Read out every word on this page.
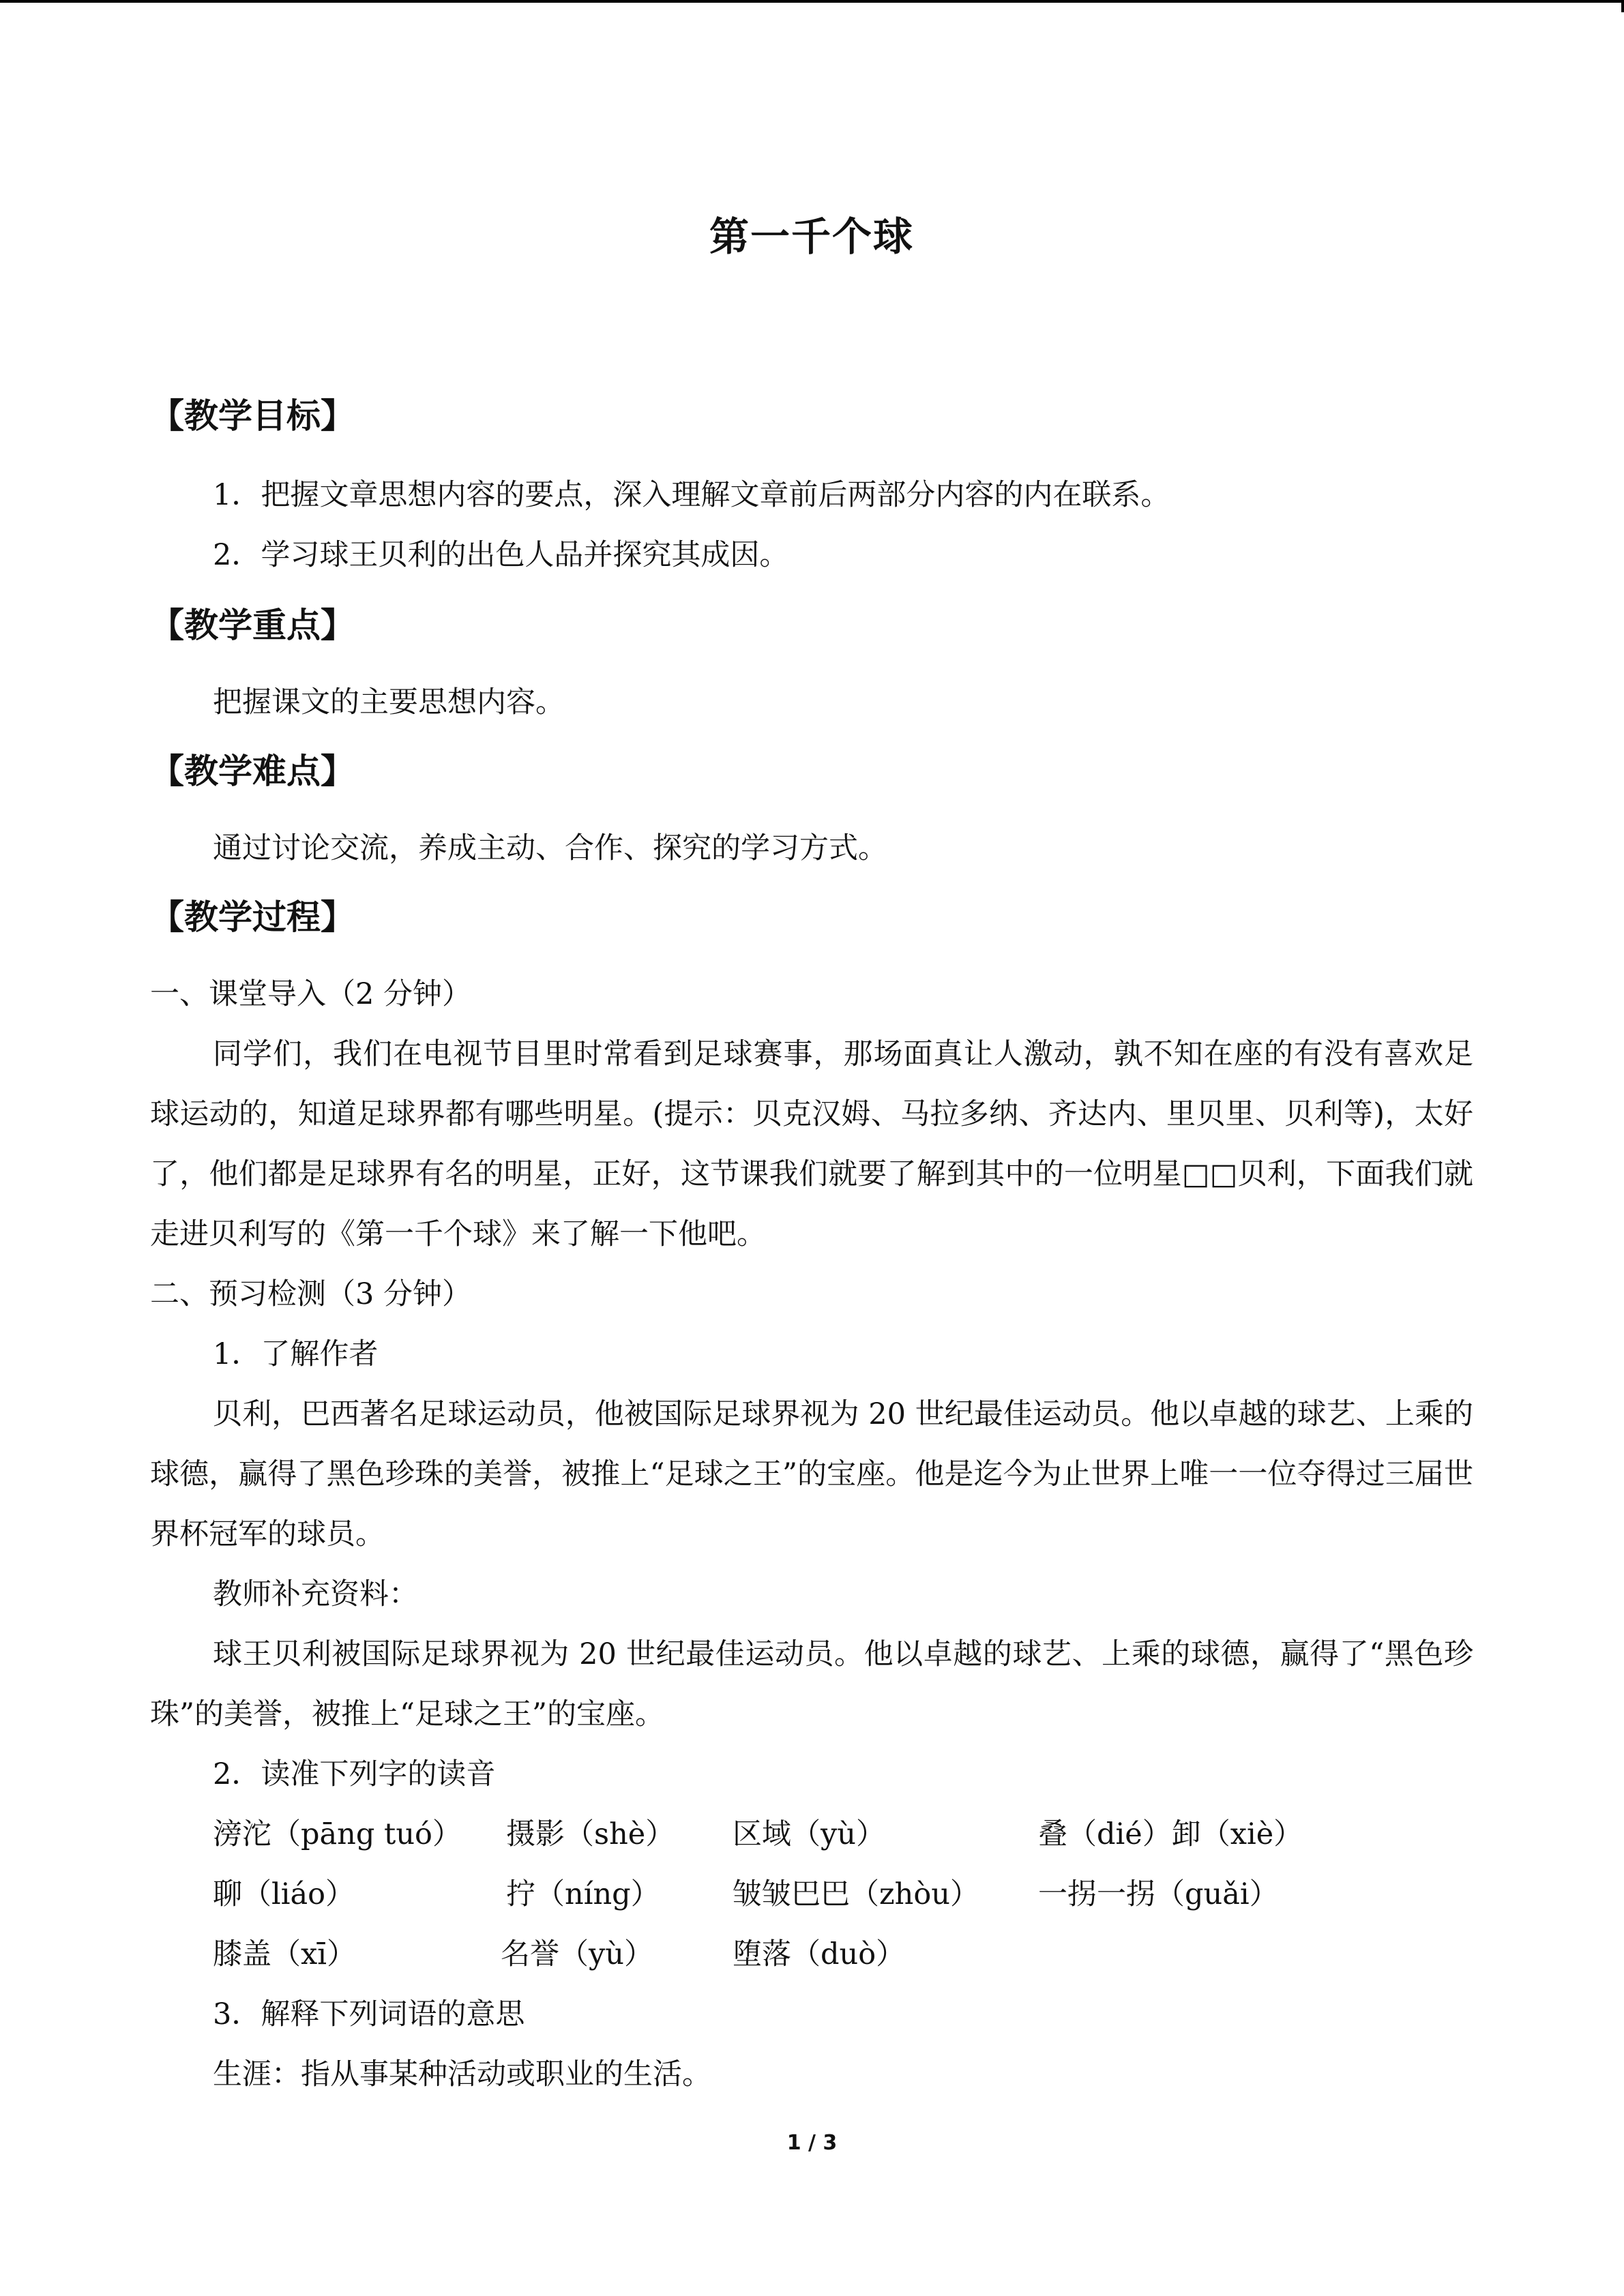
第一千个球
【教学目标】
1．把握文章思想内容的要点，深入理解文章前后两部分内容的内在联系。
2．学习球王贝利的出色人品并探究其成因。
【教学重点】
把握课文的主要思想内容。
【教学难点】
通过讨论交流，养成主动、合作、探究的学习方式。
【教学过程】
一、课堂导入（2 分钟）
同学们，我们在电视节目里时常看到足球赛事，那场面真让人激动，孰不知在座的有没有喜欢足球运动的，知道足球界都有哪些明星。(提示：贝克汉姆、马拉多纳、齐达内、里贝里、贝利等)，太好了，他们都是足球界有名的明星，正好，这节课我们就要了解到其中的一位明星□□贝利，下面我们就走进贝利写的《第一千个球》来了解一下他吧。
二、预习检测（3 分钟）
1．了解作者
贝利，巴西著名足球运动员，他被国际足球界视为 20 世纪最佳运动员。他以卓越的球艺、上乘的球德，赢得了黑色珍珠的美誉，被推上“足球之王”的宝座。他是迄今为止世界上唯一一位夺得过三届世界杯冠军的球员。
教师补充资料：
球王贝利被国际足球界视为 20 世纪最佳运动员。他以卓越的球艺、上乘的球德，赢得了“黑色珍珠”的美誉，被推上“足球之王”的宝座。
2．读准下列字的读音
滂沱（pāng tuó） 摄影（shè） 区域（yù）	叠（dié）卸（xiè）
聊（liáo）	拧（níng） 皱皱巴巴（zhòu） 一拐一拐（guǎi）
膝盖（xī）	名誉（yù）	堕落（duò）
3．解释下列词语的意思
生涯：指从事某种活动或职业的生活。
1 / 3
